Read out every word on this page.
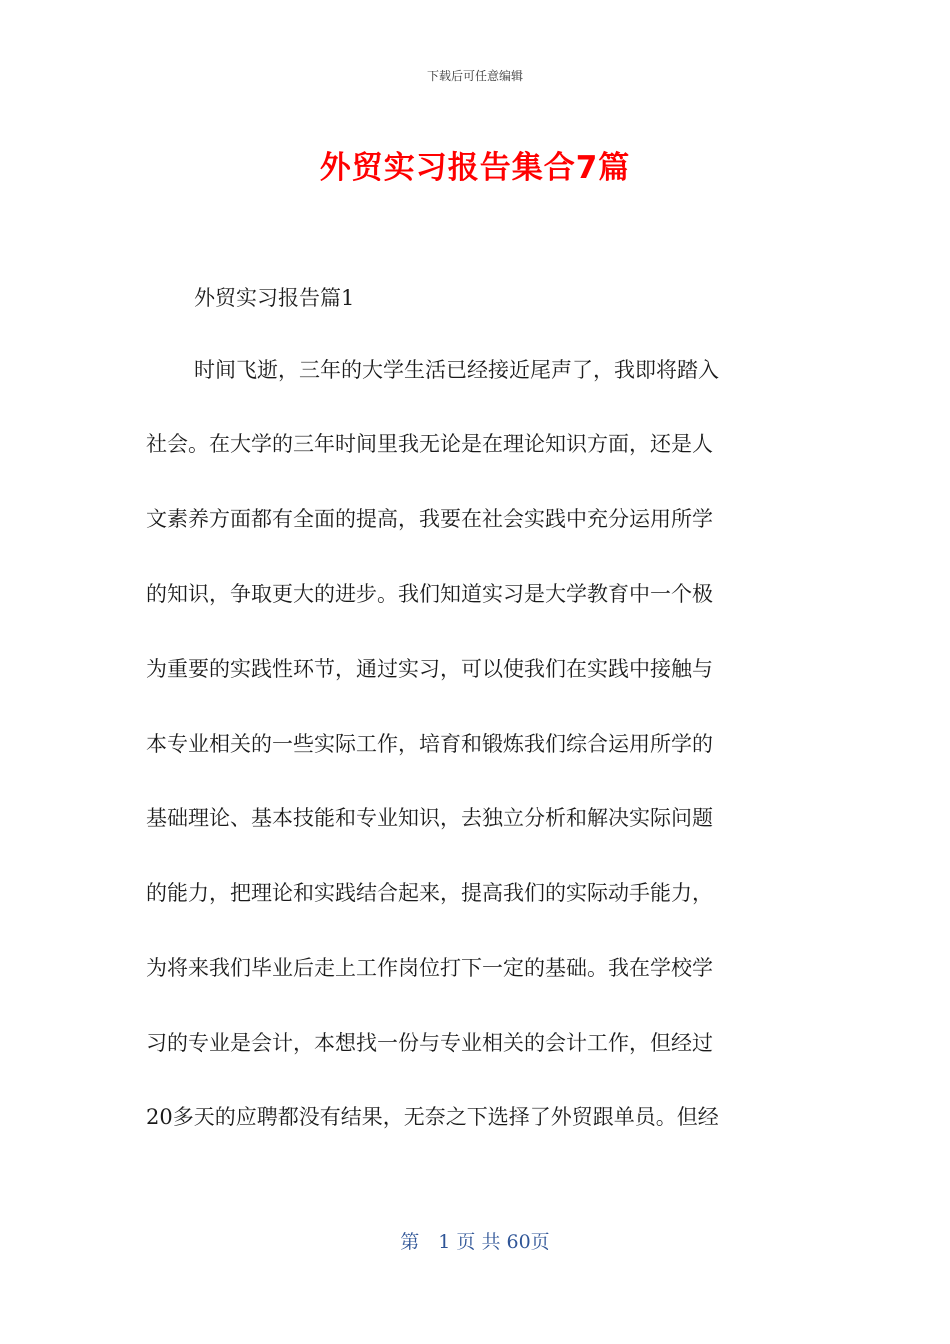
下载后可任意编辑
外贸实习报告集合7篇
外贸实习报告篇1
时间飞逝，三年的大学生活已经接近尾声了，我即将踏入
社会。在大学的三年时间里我无论是在理论知识方面，还是人
文素养方面都有全面的提高，我要在社会实践中充分运用所学
的知识，争取更大的进步。我们知道实习是大学教育中一个极
为重要的实践性环节，通过实习，可以使我们在实践中接触与
本专业相关的一些实际工作，培育和锻炼我们综合运用所学的
基础理论、基本技能和专业知识，去独立分析和解决实际问题
的能力，把理论和实践结合起来，提高我们的实际动手能力，
为将来我们毕业后走上工作岗位打下一定的基础。我在学校学
习的专业是会计，本想找一份与专业相关的会计工作，但经过
20多天的应聘都没有结果，无奈之下选择了外贸跟单员。但经
第　1 页 共 60页
